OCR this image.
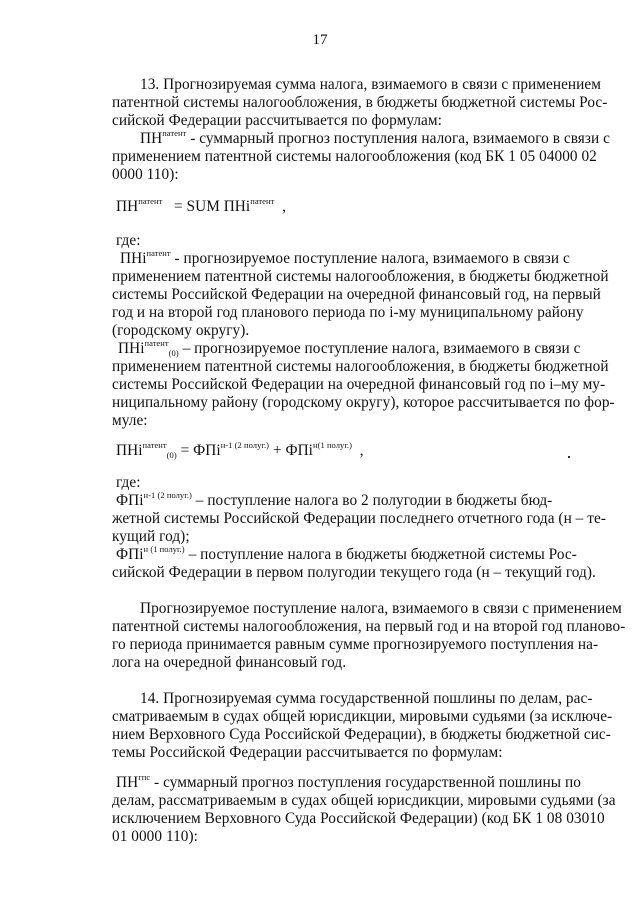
17
13. Прогнозируемая сумма налога, взимаемого в связи с применением
патентной системы налогообложения, в бюджеты бюджетной системы Рос-
сийской Федерации рассчитывается по формулам:
$ПН^{патент}$ - суммарный прогноз поступления налога, взимаемого в связи с
применением патентной системы налогообложения (код БК 1 05 04000 02
0000 110):
$ПН^{патент}$ = SUM ПНi$^{патент}$ ,
где:
ПНi$^{патент}$ - прогнозируемое поступление налога, взимаемого в связи с
применением патентной системы налогообложения, в бюджеты бюджетной
системы Российской Федерации на очередной финансовый год, на первый
год и на второй год планового периода по i-му муниципальному району
(городскому округу).
ПНi$^{патент}_{(0)}$ – прогнозируемое поступление налога, взимаемого в связи с
применением патентной системы налогообложения, в бюджеты бюджетной
системы Российской Федерации на очередной финансовый год по i–му му-
ниципальному району (городскому округу), которое рассчитывается по фор-
муле:
ПНi$^{патент}_{(0)}$ = ФПi$^{н-1 (2 полуг.)}$ + ФПi$^{н(1 полуг.)}$ ,
где:
ФПi$^{н-1 (2 полуг.)}$ – поступление налога во 2 полугодии в бюджеты бюд-
жетной системы Российской Федерации последнего отчетного года (н – те-
кущий год);
ФПi$^{н (1 полуг.)}$ – поступление налога в бюджеты бюджетной системы Рос-
сийской Федерации в первом полугодии текущего года (н – текущий год).
Прогнозируемое поступление налога, взимаемого в связи с применением
патентной системы налогообложения, на первый год и на второй год планово-
го периода принимается равным сумме прогнозируемого поступления на-
лога на очередной финансовый год.
14. Прогнозируемая сумма государственной пошлины по делам, рас-
сматриваемым в судах общей юрисдикции, мировыми судьями (за исключе-
нием Верховного Суда Российской Федерации), в бюджеты бюджетной сис-
темы Российской Федерации рассчитывается по формулам:
$ПН^{гпс}$ - суммарный прогноз поступления государственной пошлины по
делам, рассматриваемым в судах общей юрисдикции, мировыми судьями (за
исключением Верховного Суда Российской Федерации) (код БК 1 08 03010
01 0000 110):
